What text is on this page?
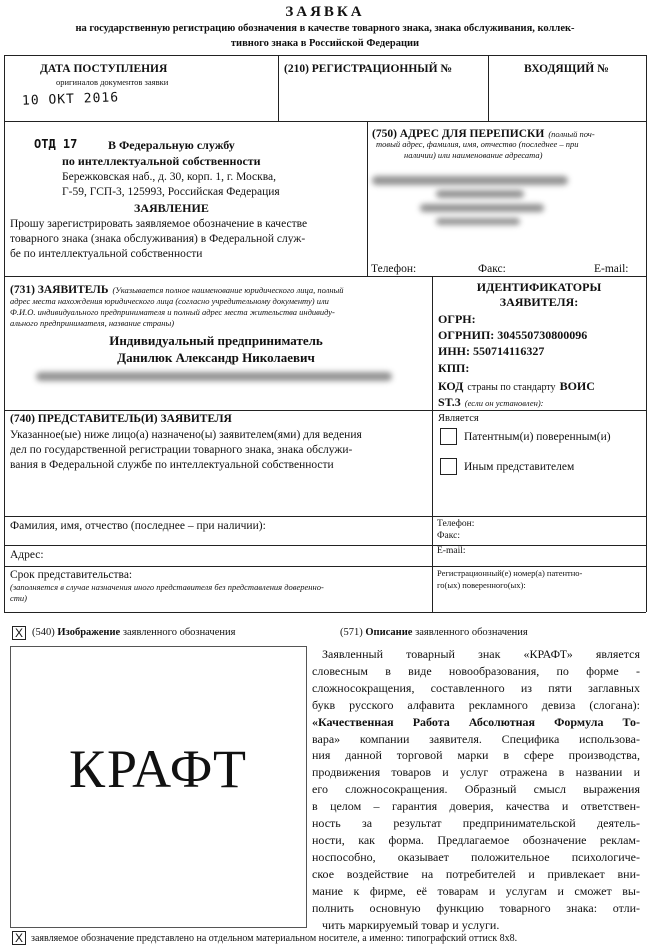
ЗАЯВКА
на государственную регистрацию обозначения в качестве товарного знака, знака обслуживания, коллек-
тивного знака в Российской Федерации
ДАТА ПОСТУПЛЕНИЯ
оригиналов документов заявки
10 ОКТ 2016
(210) РЕГИСТРАЦИОННЫЙ №	ВХОДЯЩИЙ №
ОТД 17	В Федеральную службу
по интеллектуальной собственности
Бережковская наб., д. 30, корп. 1, г. Москва,
Г-59, ГСП-3, 125993, Российская Федерация
ЗАЯВЛЕНИЕ
Прошу зарегистрировать заявляемое обозначение в качестве
товарного знака (знака обслуживания) в Федеральной служ-
бе по интеллектуальной собственности
(750) АДРЕС ДЛЯ ПЕРЕПИСКИ (полный поч-
товый адрес, фамилия, имя, отчество (последнее – при
наличии) или наименование адресата)
Телефон:	Факс:	E-mail:
(731) ЗАЯВИТЕЛЬ (Указывается полное наименование юридического лица, полный
адрес места нахождения юридического лица (согласно учредительному документу) или
Ф.И.О. индивидуального предпринимателя и полный адрес места жительства индивиду-
ального предпринимателя, название страны)
Индивидуальный предприниматель
Данилюк Александр Николаевич
ИДЕНТИФИКАТОРЫ
ЗАЯВИТЕЛЯ:
ОГРН:
ОГРНИП: 304550730800096
ИНН: 550714116327
КПП:
КОД страны по стандарту ВОИС
ST.3 (если он установлен):
(740) ПРЕДСТАВИТЕЛЬ(И) ЗАЯВИТЕЛЯ
Указанное(ые) ниже лицо(а) назначено(ы) заявителем(ями) для ведения
дел по государственной регистрации товарного знака, знака обслужи-
вания в Федеральной службе по интеллектуальной собственности
Является
Патентным(и) поверенным(и)
Иным представителем
Фамилия, имя, отчество (последнее – при наличии):
Адрес:
Срок представительства:
(заполняется в случае назначения иного представителя без представления доверенно-
сти)
Телефон:
Факс:
E-mail:
Регистрационный(е) номер(а) патентно-
го(ых) поверенного(ых):
X (540) Изображение заявленного обозначения
КРАФТ
(571) Описание заявленного обозначения
Заявленный товарный знак «КРАФТ» является
словесным в виде новообразования, по форме -
сложносокращения, составленного из пяти заглавных
букв русского алфавита рекламного девиза (слогана):
«Качественная Работа Абсолютная Формула То-
вара» компании заявителя. Специфика использова-
ния данной торговой марки в сфере производства,
продвижения товаров и услуг отражена в названии и
его сложносокращения. Образный смысл выражения
в целом – гарантия доверия, качества и ответствен-
ность за результат предпринимательской деятель-
ности, как форма. Предлагаемое обозначение реклам-
носпособно, оказывает положительное психологиче-
ское воздействие на потребителей и привлекает вни-
мание к фирме, её товарам и услугам и сможет вы-
полнить основную функцию товарного знака: отли-
чить маркируемый товар и услуги.
X заявляемое обозначение представлено на отдельном материальном носителе, а именно: типографский оттиск 8х8.
